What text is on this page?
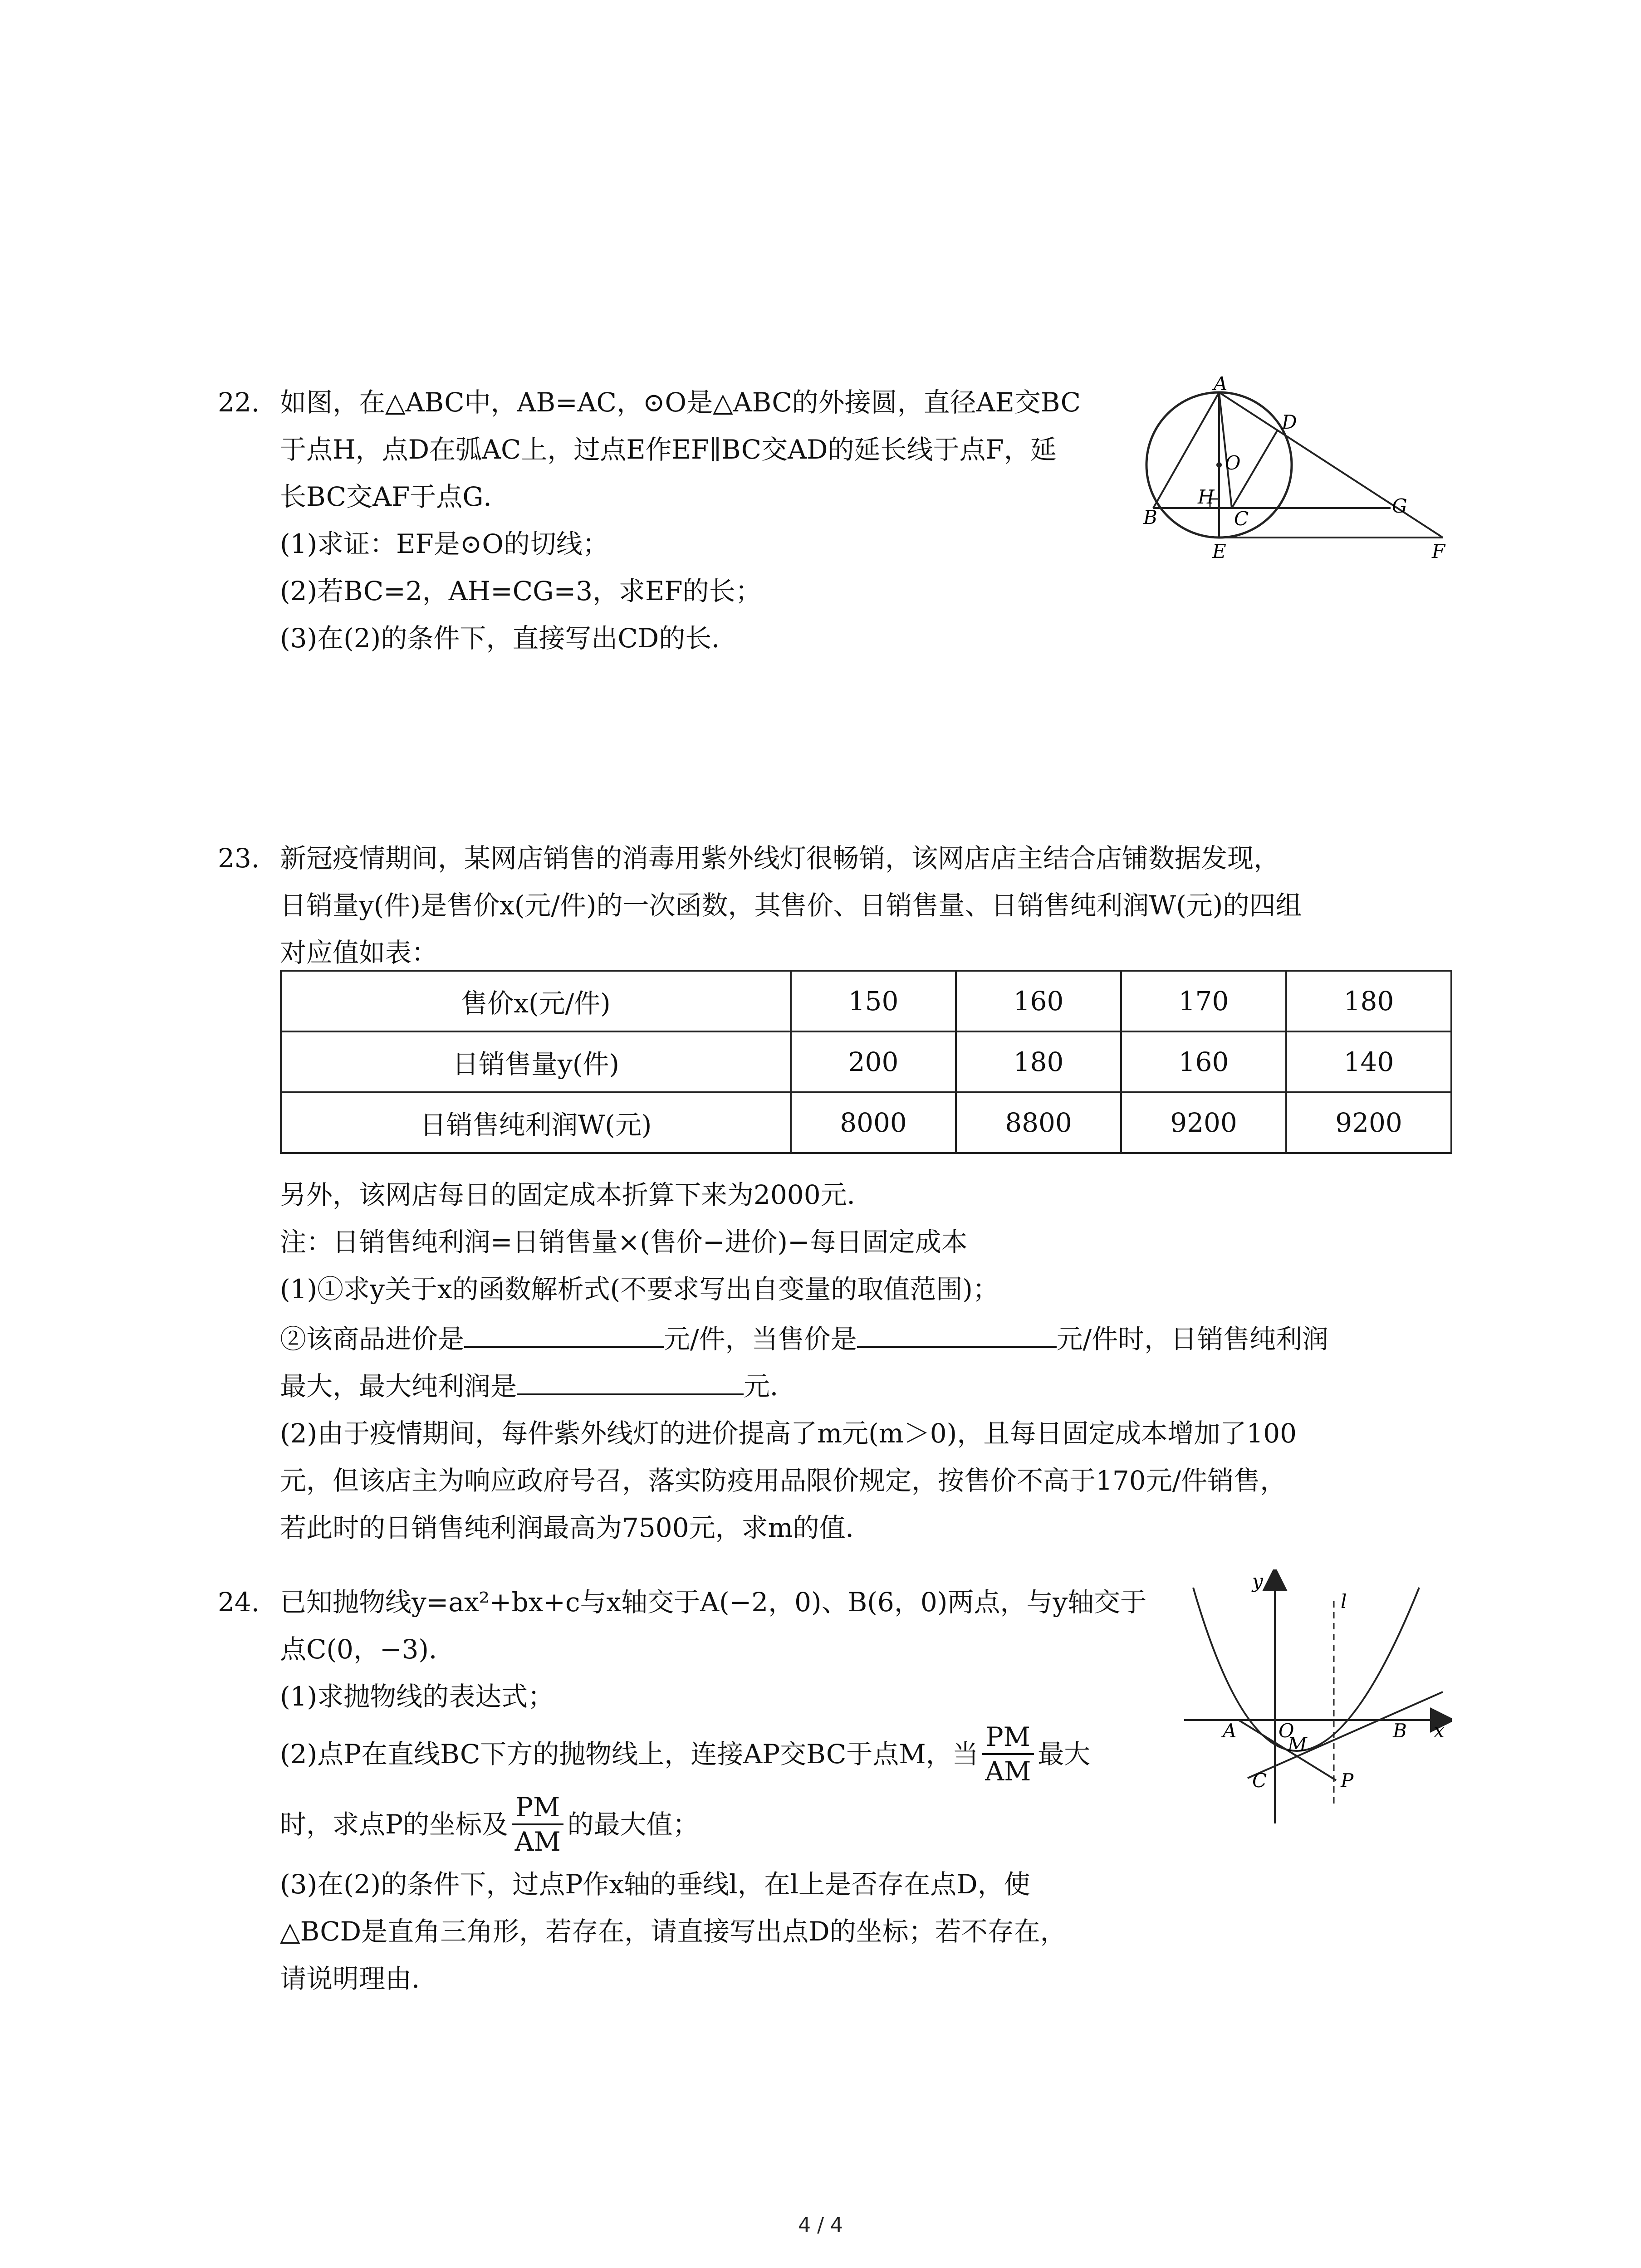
22. 如图，在△ABC中，AB=AC，⊙O是△ABC的外接圆，直径AE交BC
于点H，点D在弧AC上，过点E作EF∥BC交AD的延长线于点F，延
长BC交AF于点G．
(1)求证：EF是⊙O的切线；
(2)若BC=2，AH=CG=3，求EF的长；
(3)在(2)的条件下，直接写出CD的长．
A
D
O
H
B	C
G
E	F
23. 新冠疫情期间，某网店销售的消毒用紫外线灯很畅销，该网店店主结合店铺数据发现，
日销量y(件)是售价x(元/件)的一次函数，其售价、日销售量、日销售纯利润W(元)的四组
对应值如表：
另外，该网店每日的固定成本折算下来为2000元．
注：日销售纯利润=日销售量×(售价−进价)−每日固定成本
(1)①求y关于x的函数解析式(不要求写出自变量的取值范围)；
②该商品进价是	元/件，当售价是	元/件时，日销售纯利润
最大，最大纯利润是	元．
(2)由于疫情期间，每件紫外线灯的进价提高了m元(m＞0)，且每日固定成本增加了100
元，但该店主为响应政府号召，落实防疫用品限价规定，按售价不高于170元/件销售，
若此时的日销售纯利润最高为7500元，求m的值．
售价x(元/件)	150	160	170	180
日销售量y(件)	200	180	160	140
日销售纯利润W(元)	8000	8800	9200	9200
24. 已知抛物线y=ax²+bx+c与x轴交于A(−2，0)、B(6，0)两点，与y轴交于
点C(0，−3)．
(1)求抛物线的表达式；
(2)点P在直线BC下方的抛物线上，连接AP交BC于点M，当 $\frac{PM}{AM}$ 最大
时，求点P的坐标及 $\frac{PM}{AM}$ 的最大值；
(3)在(2)的条件下，过点P作x轴的垂线l，在l上是否存在点D，使
△BCD是直角三角形，若存在，请直接写出点D的坐标；若不存在，
请说明理由．
y
l
A O
M
B x
C	P
4 / 4
